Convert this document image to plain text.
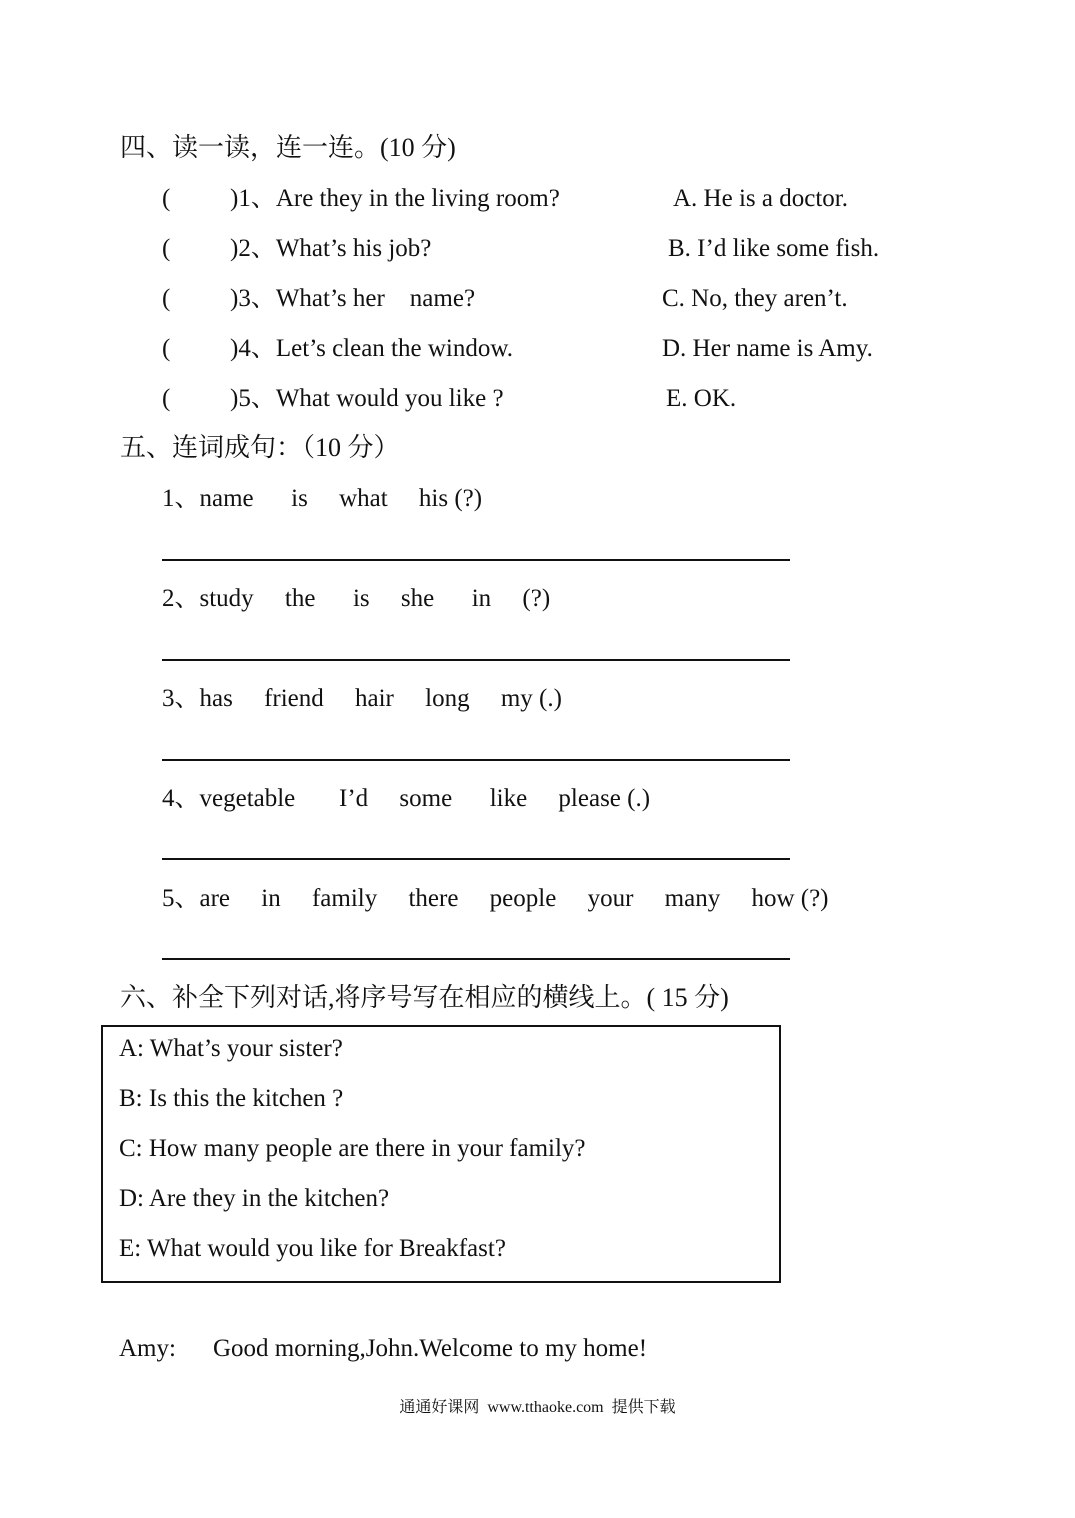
四、读一读，连一连。(10 分)
( )1、Are they in the living room?	A. He is a doctor.
( )2、What’s his job?	B. I’d like some fish.
( )3、What’s her    name?	C. No, they aren’t.
( )4、Let’s clean the window.	D. Her name is Amy.
( )5、What would you like ?	E. OK.
五、连词成句：（10 分）
1、name      is     what     his (?)
2、study     the      is     she      in     (?)
3、has     friend     hair     long     my (.)
4、vegetable       I’d     some      like     please (.)
5、are     in     family     there     people     your     many     how (?)
六、补全下列对话,将序号写在相应的横线上。( 15 分)
A: What’s your sister?
B: Is this the kitchen ?
C: How many people are there in your family?
D: Are they in the kitchen?
E: What would you like for Breakfast?
Amy: Good morning,John.Welcome to my home!
通通好课网  www.tthaoke.com  提供下载
